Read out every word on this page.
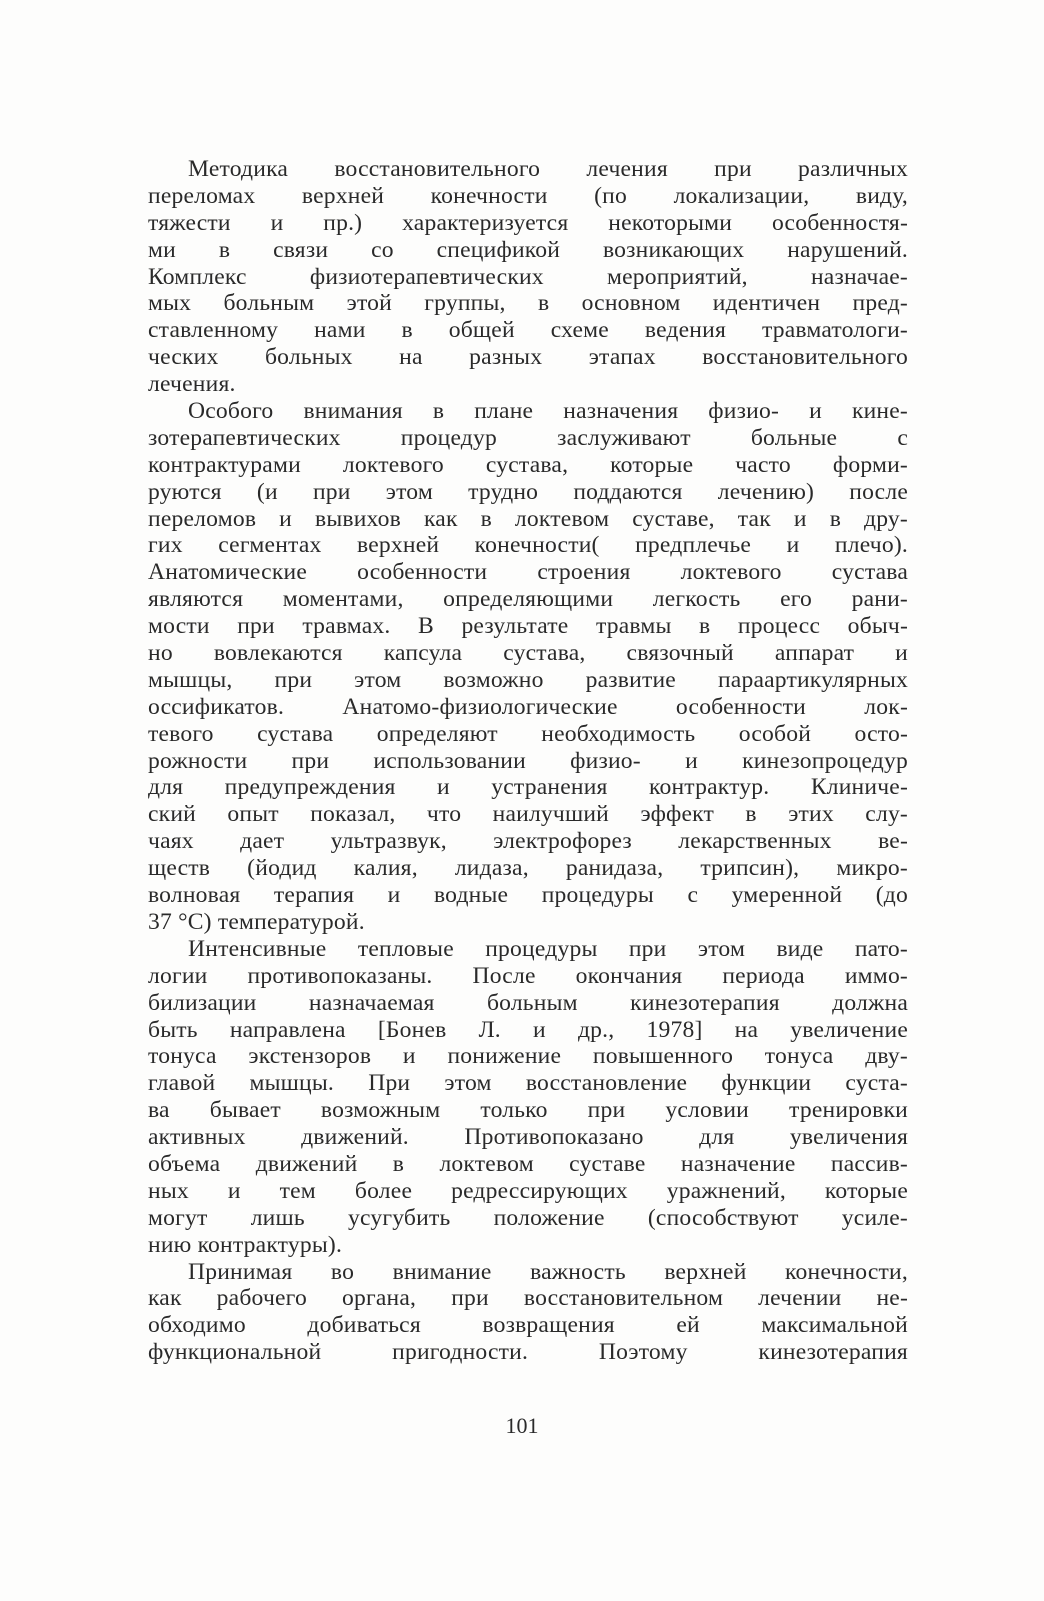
Методика восстановительного лечения при различных
переломах верхней конечности (по локализации, виду,
тяжести и пр.) характеризуется некоторыми особенностя-
ми в связи со спецификой возникающих нарушений.
Комплекс физиотерапевтических мероприятий, назначае-
мых больным этой группы, в основном идентичен пред-
ставленному нами в общей схеме ведения травматологи-
ческих больных на разных этапах восстановительного
лечения.
Особого внимания в плане назначения физио- и кине-
зотерапевтических процедур заслуживают больные с
контрактурами локтевого сустава, которые часто форми-
руются (и при этом трудно поддаются лечению) после
переломов и вывихов как в локтевом суставе, так и в дру-
гих сегментах верхней конечности( предплечье и плечо).
Анатомические особенности строения локтевого сустава
являются моментами, определяющими легкость его рани-
мости при травмах. В результате травмы в процесс обыч-
но вовлекаются капсула сустава, связочный аппарат и
мышцы, при этом возможно развитие параартикулярных
оссификатов. Анатомо-физиологические особенности лок-
тевого сустава определяют необходимость особой осто-
рожности при использовании физио- и кинезопроцедур
для предупреждения и устранения контрактур. Клиниче-
ский опыт показал, что наилучший эффект в этих слу-
чаях дает ультразвук, электрофорез лекарственных ве-
ществ (йодид калия, лидаза, ранидаза, трипсин), микро-
волновая терапия и водные процедуры с умеренной (до
37 °С) температурой.
Интенсивные тепловые процедуры при этом виде пато-
логии противопоказаны. После окончания периода иммо-
билизации назначаемая больным кинезотерапия должна
быть направлена [Бонев Л. и др., 1978] на увеличение
тонуса экстензоров и понижение повышенного тонуса дву-
главой мышцы. При этом восстановление функции суста-
ва бывает возможным только при условии тренировки
активных движений. Противопоказано для увеличения
объема движений в локтевом суставе назначение пассив-
ных и тем более редрессирующих уражнений, которые
могут лишь усугубить положение (способствуют усиле-
нию контрактуры).
Принимая во внимание важность верхней конечности,
как рабочего органа, при восстановительном лечении не-
обходимо добиваться возвращения ей максимальной
функциональной пригодности. Поэтому кинезотерапия
101
